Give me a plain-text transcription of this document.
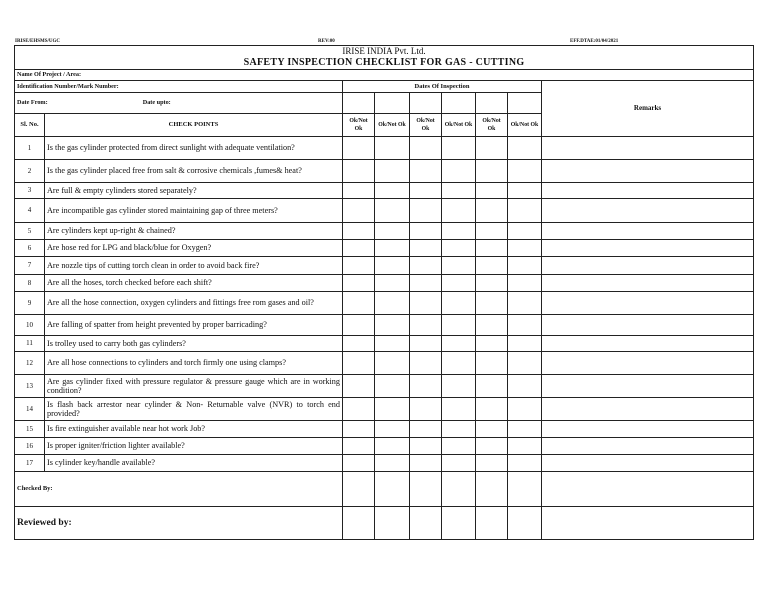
IRISE/EHSMS/UGC	REV:00	EFF.DTAE:01/04/2021
IRISE INDIA Pvt. Ltd.								
SAFETY INSPECTION CHECKLIST FOR GAS - CUTTING								
Name Of Project / Area:								
Identification Number/Mark Number:		Dates Of Inspection						Remarks
Date From: Date upto:								
Sl. No.	CHECK POINTS	Ok/Not Ok	Ok/Not Ok	Ok/Not Ok	Ok/Not Ok	Ok/Not Ok	Ok/Not Ok	
1	Is the gas cylinder protected from direct sunlight with adequate ventilation?							
2	Is the gas cylinder placed free from salt & corrosive chemicals ,fumes& heat?							
3	Are full & empty cylinders stored separately?							
4	Are incompatible gas cylinder stored maintaining gap of three meters?							
5	Are cylinders kept up-right & chained?							
6	Are hose red for LPG and black/blue for Oxygen?							
7	Are nozzle tips of cutting torch clean in order to avoid back fire?							
8	Are all the hoses, torch checked before each shift?							
9	Are all the hose connection, oxygen cylinders and fittings free rom gases and oil?							
10	Are falling of spatter from height prevented by proper barricading?							
11	Is trolley used to carry both gas cylinders?							
12	Are all hose connections to cylinders and torch firmly one using clamps?							
13	Are gas cylinder fixed with pressure regulator & pressure gauge which are in working condition?							
14	Is flash back arrestor near cylinder & Non- Returnable valve (NVR) to torch end provided?							
15	Is fire extinguisher available near hot work Job?							
16	Is proper igniter/friction lighter available?							
17	Is cylinder key/handle available?							
Checked By:								
Reviewed by:								
